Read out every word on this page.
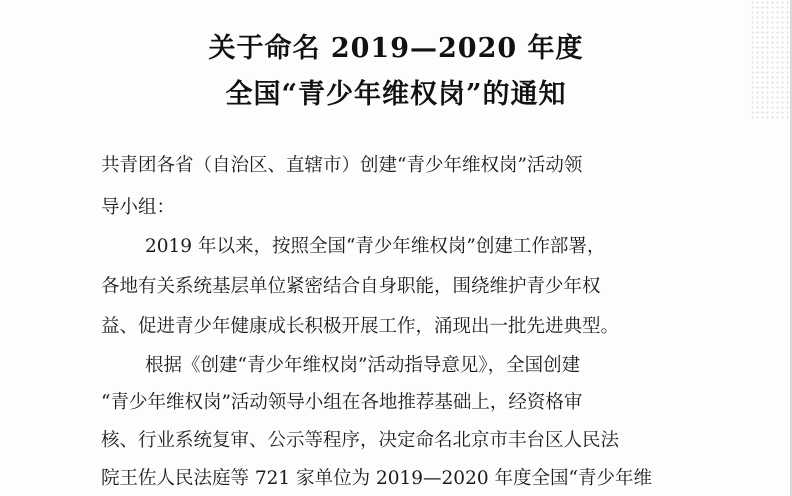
关于命名 2019—2020 年度
全国“青少年维权岗”的通知
共青团各省（自治区、直辖市）创建“青少年维权岗”活动领
导小组：
2019 年以来，按照全国“青少年维权岗”创建工作部署，
各地有关系统基层单位紧密结合自身职能，围绕维护青少年权
益、促进青少年健康成长积极开展工作，涌现出一批先进典型。
根据《创建“青少年维权岗”活动指导意见》，全国创建
“青少年维权岗”活动领导小组在各地推荐基础上，经资格审
核、行业系统复审、公示等程序，决定命名北京市丰台区人民法
院王佐人民法庭等 721 家单位为 2019—2020 年度全国“青少年维
